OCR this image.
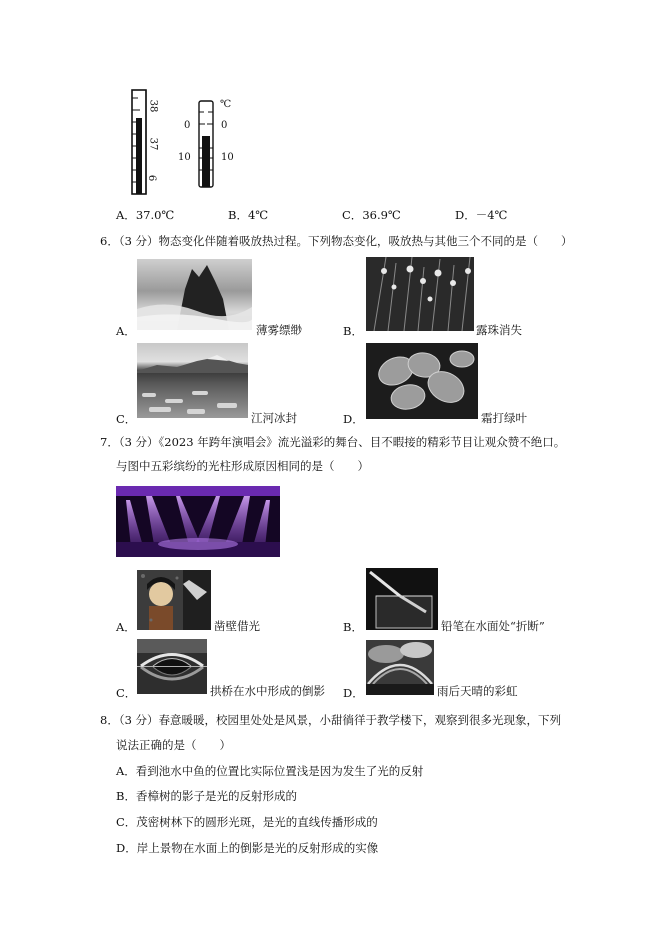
38
37
6
℃
0	0
10	10
A．37.0℃	B．4℃	C．36.9℃	D．－4℃
6．（3 分）物态变化伴随着吸放热过程。下列物态变化，吸放热与其他三个不同的是（　　）
A．	薄雾缥缈	B．	露珠消失
C．	江河冰封	D．	霜打绿叶
7．（3 分）《2023 年跨年演唱会》流光溢彩的舞台、目不暇接的精彩节目让观众赞不绝口。
与图中五彩缤纷的光柱形成原因相同的是（　　）
A．	凿壁借光	B．	铅笔在水面处“折断”
C．	拱桥在水中形成的倒影 D．	雨后天晴的彩虹
8．（3 分）春意暖暖，校园里处处是风景，小甜徜徉于教学楼下，观察到很多光现象，下列
说法正确的是（　　）
A．看到池水中鱼的位置比实际位置浅是因为发生了光的反射
B．香樟树的影子是光的反射形成的
C．茂密树林下的圆形光斑，是光的直线传播形成的
D．岸上景物在水面上的倒影是光的反射形成的实像
